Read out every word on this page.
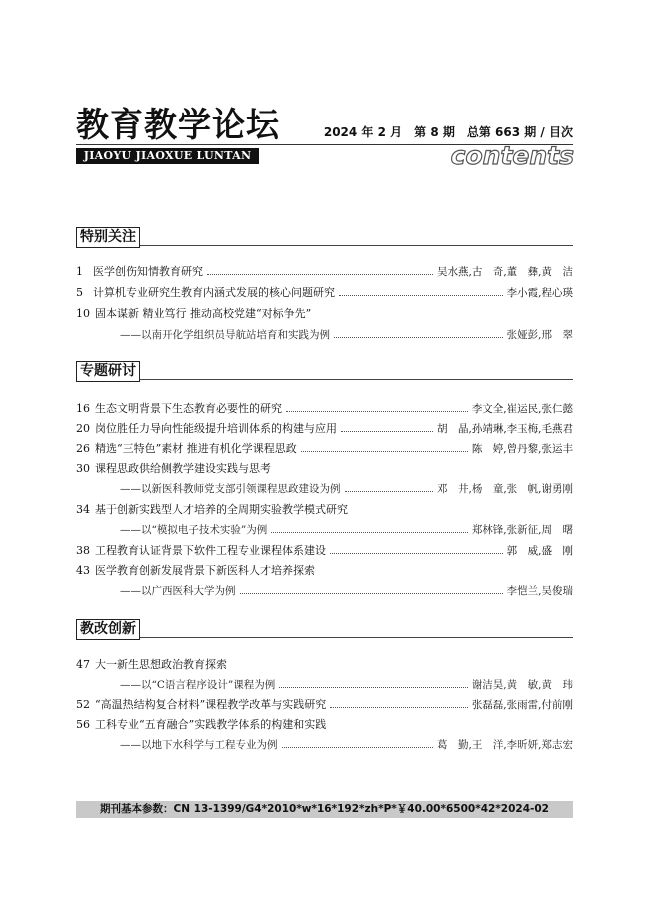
教育教学论坛	2024 年 2 月　第 8 期　总第 663 期 / 目次
JIAOYU JIAOXUE LUNTAN	contents
特别关注
1 医学创伤知情教育研究	吴水燕,古　奇,董　彝,黄　洁
5 计算机专业研究生教育内涵式发展的核心问题研究	李小霞,程心瑛
10 固本谋新 精业笃行 推动高校党建“对标争先”
——以南开化学组织员导航站培育和实践为例	张娅彭,邢　翠
专题研讨
16 生态文明背景下生态教育必要性的研究	李文全,崔运民,张仁懿
20 岗位胜任力导向性能级提升培训体系的构建与应用	胡　晶,孙靖琳,李玉梅,毛燕君
26 精选“三特色”素材 推进有机化学课程思政	陈　婷,曾丹黎,张运丰
30 课程思政供给侧教学建设实践与思考
——以新医科教师党支部引领课程思政建设为例	邓　井,杨　童,张　帆,谢勇刚
34 基于创新实践型人才培养的全周期实验教学模式研究
——以“模拟电子技术实验”为例	郑林锋,张新征,周　曙
38 工程教育认证背景下软件工程专业课程体系建设	郭　威,盛　刚
43 医学教育创新发展背景下新医科人才培养探索
——以广西医科大学为例	李恺兰,吴俊瑞
教改创新
47 大一新生思想政治教育探索
——以“C语言程序设计”课程为例	谢洁昊,黄　敏,黄　玮
52 “高温热结构复合材料”课程教学改革与实践研究	张磊磊,张雨雷,付前刚
56 工科专业“五育融合”实践教学体系的构建和实践
——以地下水科学与工程专业为例	葛　勤,王　洋,李昕妍,郑志宏
期刊基本参数：CN 13-1399/G4*2010*w*16*192*zh*P*￥40.00*6500*42*2024-02
